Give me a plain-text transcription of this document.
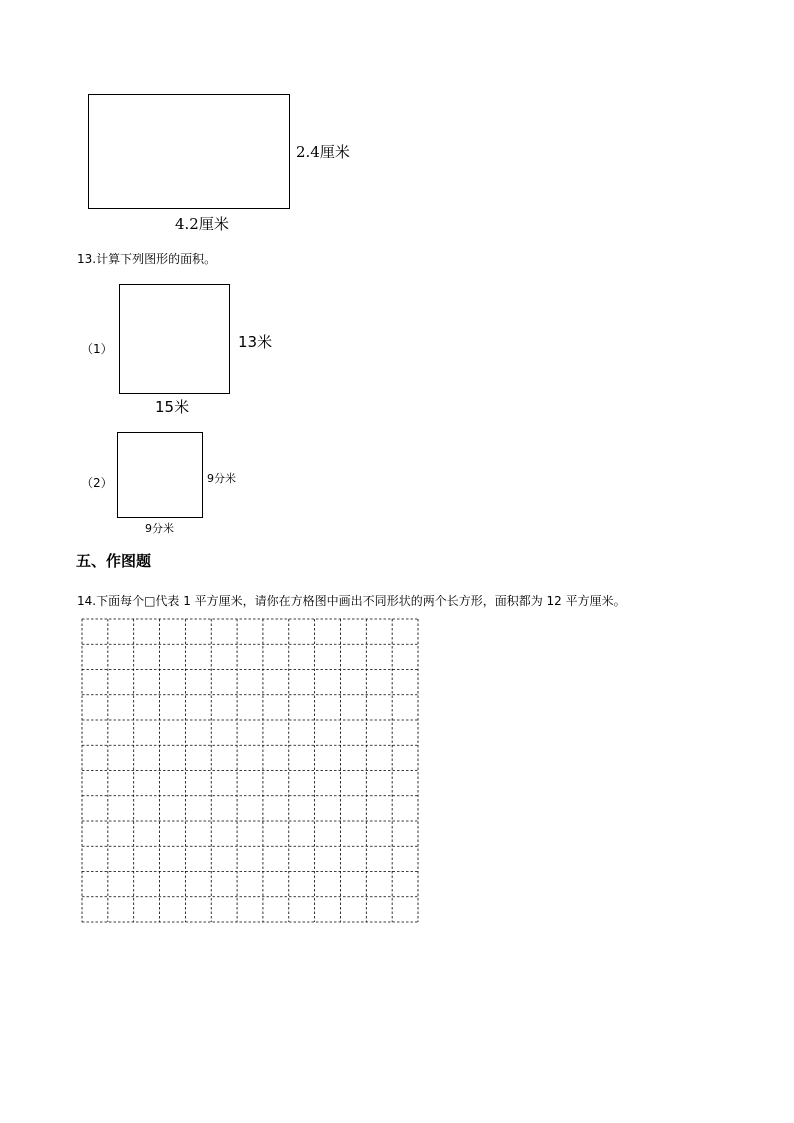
2.4厘米
4.2厘米
13.计算下列图形的面积。
（1）	13米
15米
（2）	9分米
9分米
五、作图题
14.下面每个□代表 1 平方厘米，请你在方格图中画出不同形状的两个长方形，面积都为 12 平方厘米。
